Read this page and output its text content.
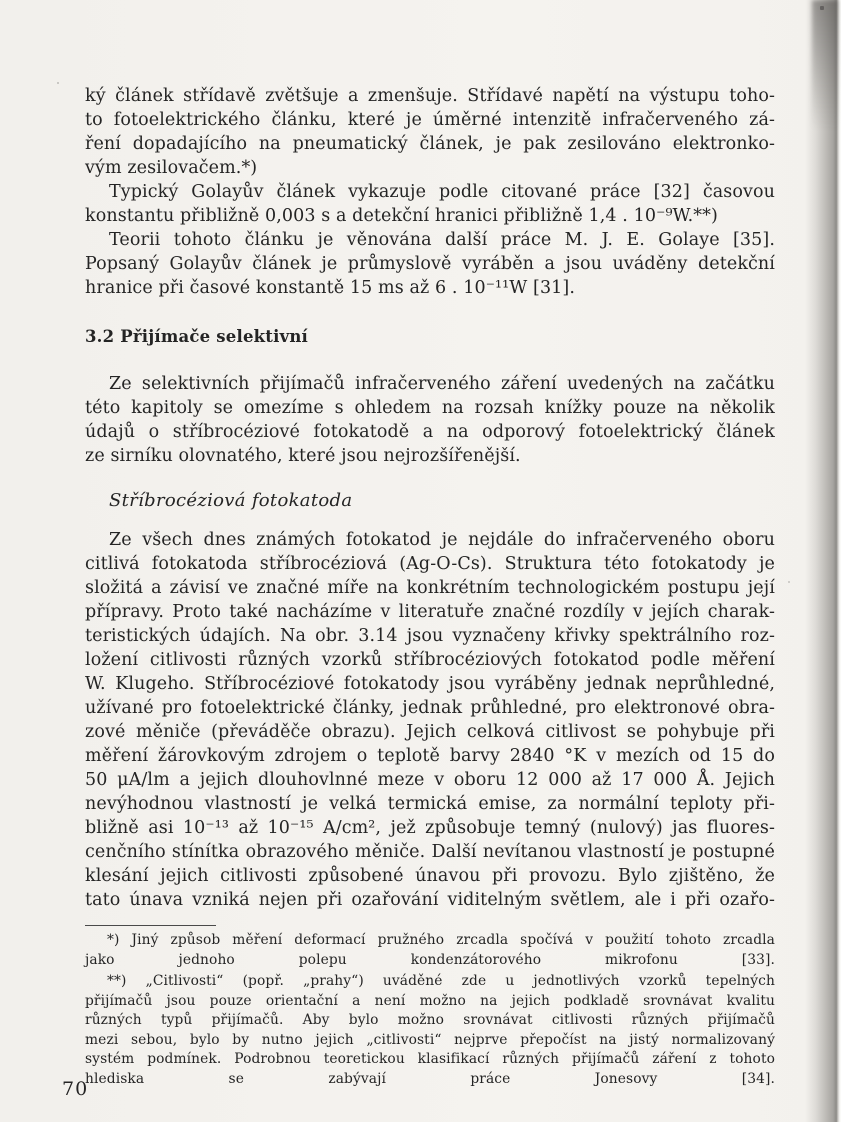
ký článek střídavě zvětšuje a zmenšuje. Střídavé napětí na výstupu toho-
to fotoelektrického článku, které je úměrné intenzitě infračerveného zá-
ření dopadajícího na pneumatický článek, je pak zesilováno elektronko-
vým zesilovačem.*)
Typický Golayův článek vykazuje podle citované práce [32] časovou
konstantu přibližně 0,003 s a detekční hranici přibližně 1,4 . 10⁻⁹W.**)
Teorii tohoto článku je věnována další práce M. J. E. Golaye [35].
Popsaný Golayův článek je průmyslově vyráběn a jsou uváděny detekční
hranice při časové konstantě 15 ms až 6 . 10⁻¹¹W [31].
3.2 Přijímače selektivní
Ze selektivních přijímačů infračerveného záření uvedených na začátku
této kapitoly se omezíme s ohledem na rozsah knížky pouze na několik
údajů o stříbrocéziové fotokatodě a na odporový fotoelektrický článek
ze sirníku olovnatého, které jsou nejrozšířenější.
Stříbrocéziová fotokatoda
Ze všech dnes známých fotokatod je nejdále do infračerveného oboru
citlivá fotokatoda stříbrocéziová (Ag-O-Cs). Struktura této fotokatody je
složitá a závisí ve značné míře na konkrétním technologickém postupu její
přípravy. Proto také nacházíme v literatuře značné rozdíly v jejích charak-
teristických údajích. Na obr. 3.14 jsou vyznačeny křivky spektrálního roz-
ložení citlivosti různých vzorků stříbrocéziových fotokatod podle měření
W. Klugeho. Stříbrocéziové fotokatody jsou vyráběny jednak neprůhledné,
užívané pro fotoelektrické články, jednak průhledné, pro elektronové obra-
zové měniče (převáděče obrazu). Jejich celková citlivost se pohybuje při
měření žárovkovým zdrojem o teplotě barvy 2840 °K v mezích od 15 do
50 μA/lm a jejich dlouhovlnné meze v oboru 12 000 až 17 000 Å. Jejich
nevýhodnou vlastností je velká termická emise, za normální teploty při-
bližně asi 10⁻¹³ až 10⁻¹⁵ A/cm², jež způsobuje temný (nulový) jas fluores-
cenčního stínítka obrazového měniče. Další nevítanou vlastností je postupné
klesání jejich citlivosti způsobené únavou při provozu. Bylo zjištěno, že
tato únava vzniká nejen při ozařování viditelným světlem, ale i při ozařo-
*) Jiný způsob měření deformací pružného zrcadla spočívá v použití tohoto zrcadla
jako jednoho polepu kondenzátorového mikrofonu [33].
**) „Citlivosti“ (popř. „prahy“) uváděné zde u jednotlivých vzorků tepelných
přijímačů jsou pouze orientační a není možno na jejich podkladě srovnávat kvalitu
různých typů přijímačů. Aby bylo možno srovnávat citlivosti různých přijímačů
mezi sebou, bylo by nutno jejich „citlivosti“ nejprve přepočíst na jistý normalizovaný
systém podmínek. Podrobnou teoretickou klasifikací různých přijímačů záření z tohoto
hlediska se zabývají práce Jonesovy [34].
70
